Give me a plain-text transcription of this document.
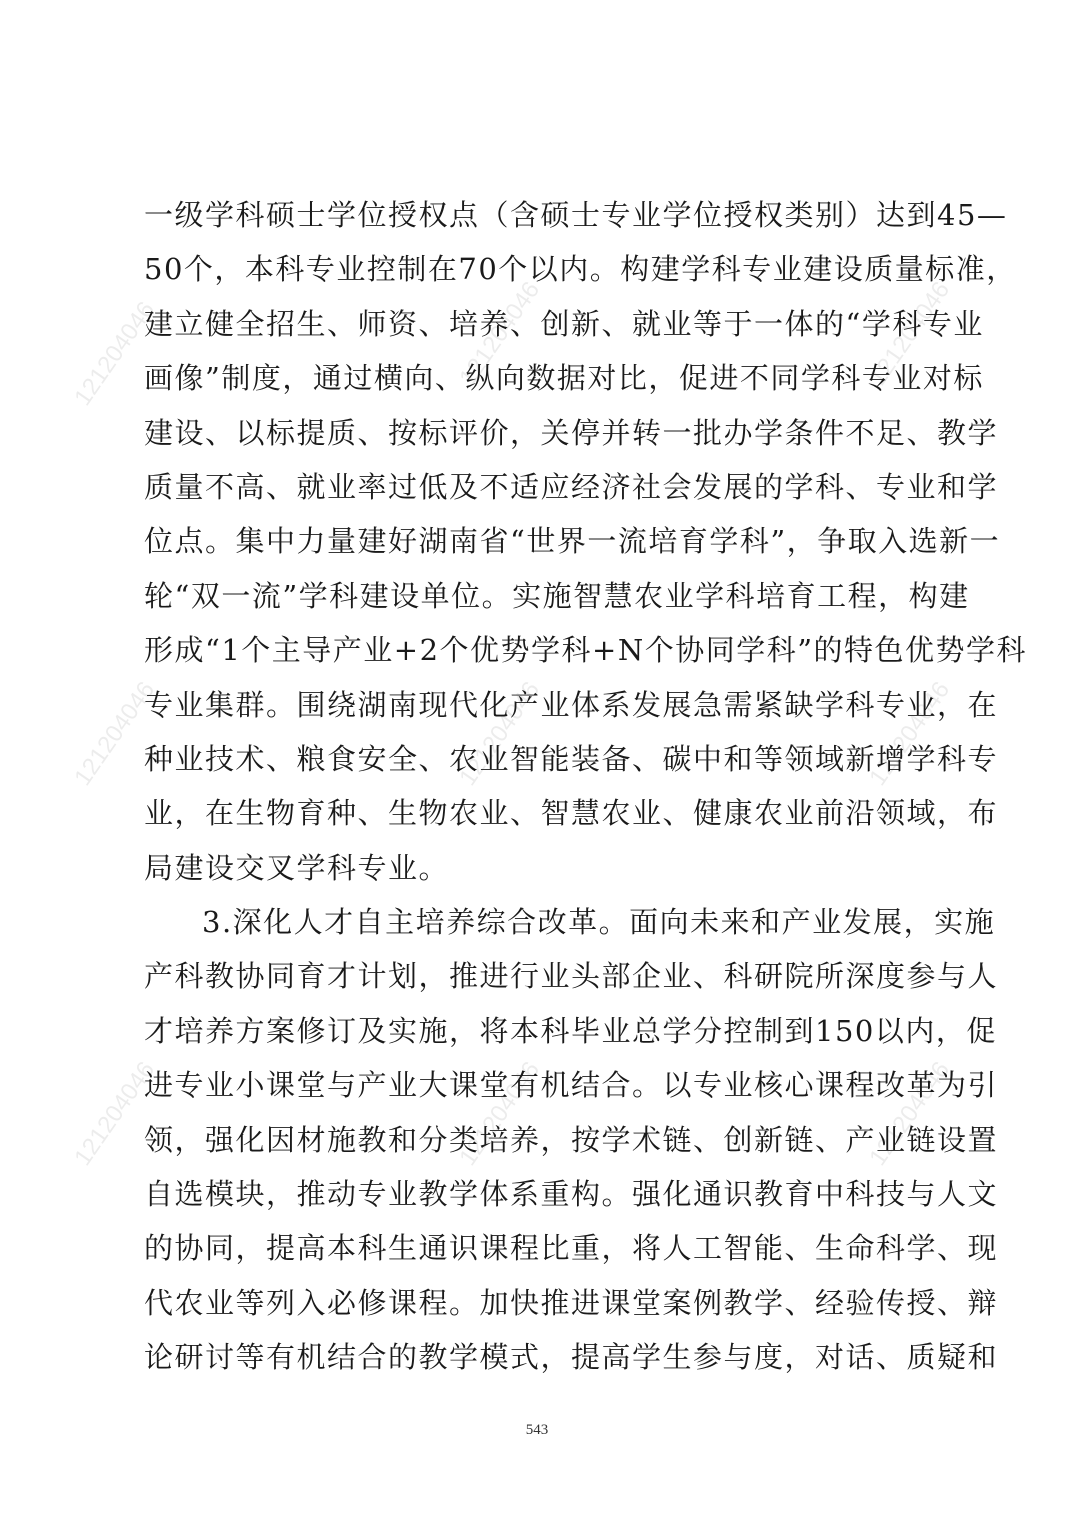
121204046	121204046	121204046
121204046	121204046	121204046
121204046	121204046	121204046
一级学科硕士学位授权点（含硕士专业学位授权类别）达到45—
50个，本科专业控制在70个以内。构建学科专业建设质量标准，
建立健全招生、师资、培养、创新、就业等于一体的“学科专业
画像”制度，通过横向、纵向数据对比，促进不同学科专业对标
建设、以标提质、按标评价，关停并转一批办学条件不足、教学
质量不高、就业率过低及不适应经济社会发展的学科、专业和学
位点。集中力量建好湖南省“世界一流培育学科”，争取入选新一
轮“双一流”学科建设单位。实施智慧农业学科培育工程，构建
形成“1个主导产业+2个优势学科+N个协同学科”的特色优势学科
专业集群。围绕湖南现代化产业体系发展急需紧缺学科专业，在
种业技术、粮食安全、农业智能装备、碳中和等领域新增学科专
业，在生物育种、生物农业、智慧农业、健康农业前沿领域，布
局建设交叉学科专业。
3.深化人才自主培养综合改革。面向未来和产业发展，实施
产科教协同育才计划，推进行业头部企业、科研院所深度参与人
才培养方案修订及实施，将本科毕业总学分控制到150以内，促
进专业小课堂与产业大课堂有机结合。以专业核心课程改革为引
领，强化因材施教和分类培养，按学术链、创新链、产业链设置
自选模块，推动专业教学体系重构。强化通识教育中科技与人文
的协同，提高本科生通识课程比重，将人工智能、生命科学、现
代农业等列入必修课程。加快推进课堂案例教学、经验传授、辩
论研讨等有机结合的教学模式，提高学生参与度，对话、质疑和
543
